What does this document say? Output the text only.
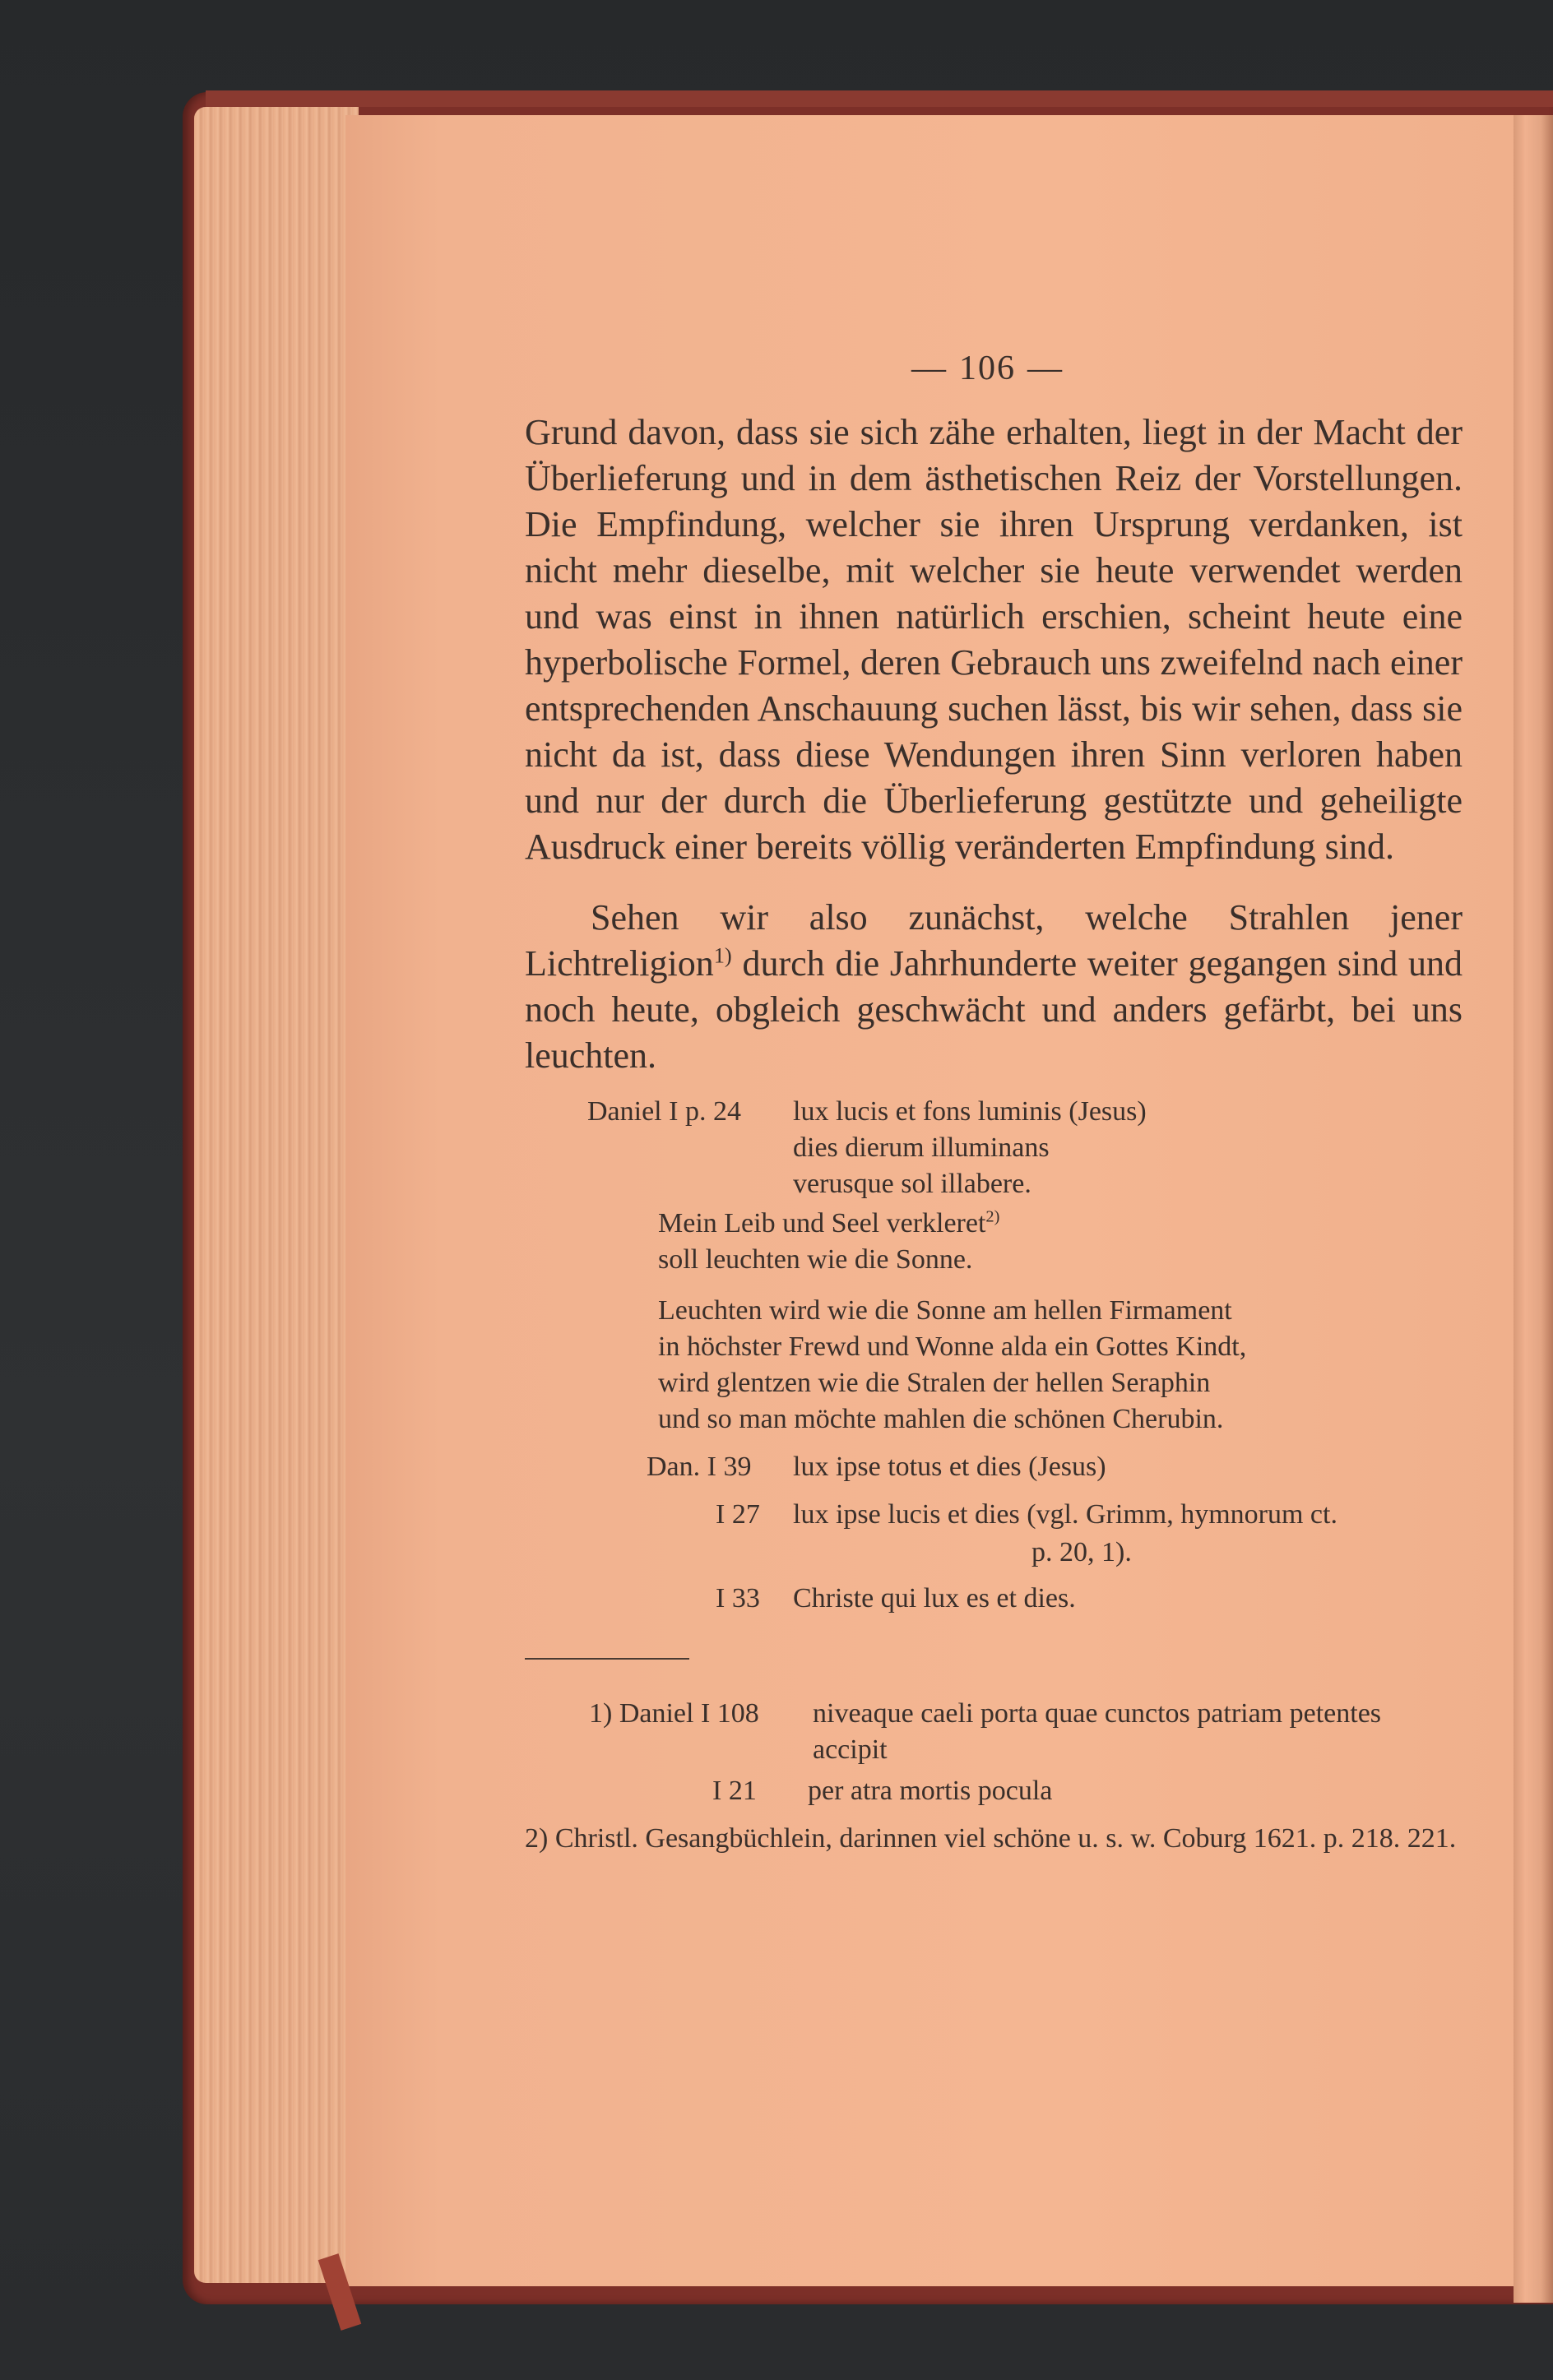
— 106 —
Grund davon, dass sie sich zähe erhalten, liegt in der Macht der Überlieferung und in dem ästhetischen Reiz der Vorstellungen. Die Empfindung, welcher sie ihren Ursprung verdanken, ist nicht mehr dieselbe, mit welcher sie heute verwendet werden und was einst in ihnen natürlich erschien, scheint heute eine hyperbolische Formel, deren Gebrauch uns zweifelnd nach einer entsprechenden Anschauung suchen lässt, bis wir sehen, dass sie nicht da ist, dass diese Wendungen ihren Sinn verloren haben und nur der durch die Überlieferung gestützte und geheiligte Ausdruck einer bereits völlig veränderten Empfindung sind.
Sehen wir also zunächst, welche Strahlen jener Lichtreligion$^{1)}$ durch die Jahrhunderte weiter gegangen sind und noch heute, obgleich geschwächt und anders gefärbt, bei uns leuchten.
Daniel I p. 24 lux lucis et fons luminis (Jesus)
dies dierum illuminans
verusque sol illabere.
Mein Leib und Seel verkleret$^{2)}$
soll leuchten wie die Sonne.
Leuchten wird wie die Sonne am hellen Firmament
in höchster Frewd und Wonne alda ein Gottes Kindt,
wird glentzen wie die Stralen der hellen Seraphin
und so man möchte mahlen die schönen Cherubin.
Dan. I 39 lux ipse totus et dies (Jesus)
I 27 lux ipse lucis et dies (vgl. Grimm, hymnorum ct.
p. 20, 1).
I 33 Christe qui lux es et dies.
1) Daniel I 108 niveaque caeli porta quae cunctos patriam petentes accipit
I 21 per atra mortis pocula
2) Christl. Gesangbüchlein, darinnen viel schöne u. s. w. Coburg 1621. p. 218. 221.
